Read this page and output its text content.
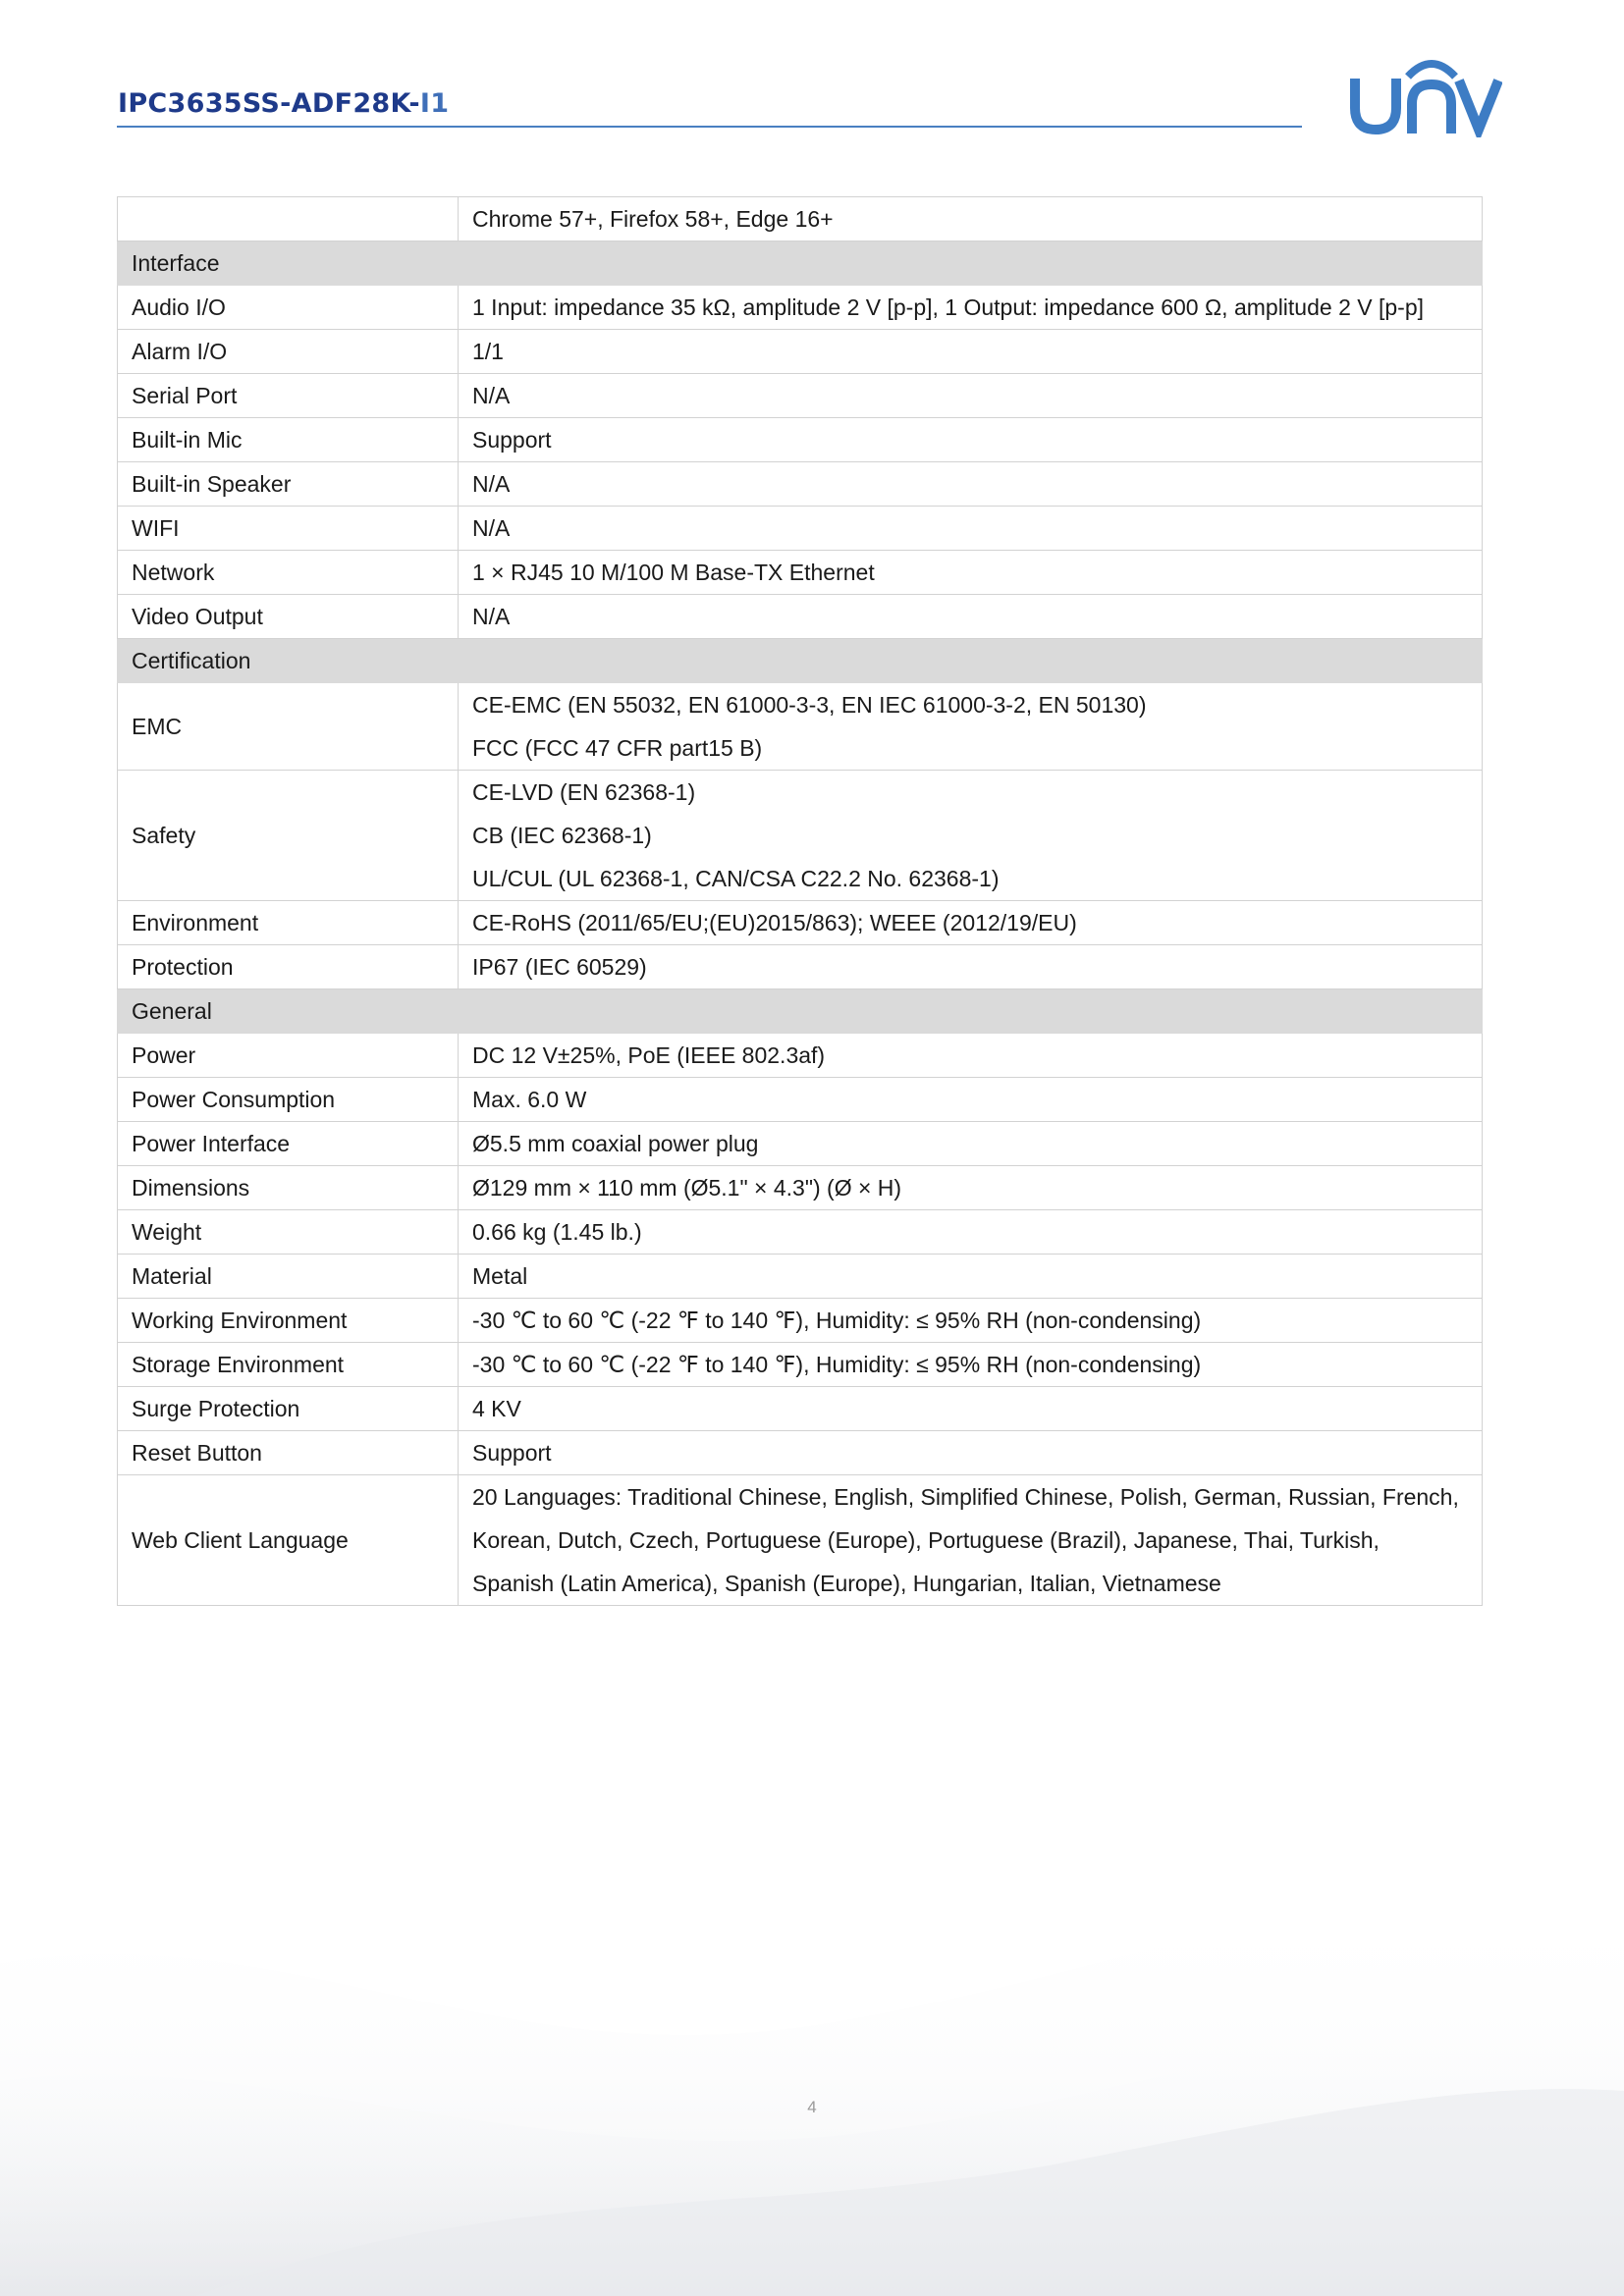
IPC3635SS-ADF28K-I1
	Chrome 57+, Firefox 58+, Edge 16+
Interface	
Audio I/O	1 Input: impedance 35 kΩ, amplitude 2 V [p-p], 1 Output: impedance 600 Ω, amplitude 2 V [p-p]

Alarm I/O	1/1

Serial Port	N/A

Built-in Mic	Support

Built-in Speaker	N/A

WIFI	N/A

Network	1 × RJ45 10 M/100 M Base-TX Ethernet

Video Output	N/A

Certification	
EMC	CE-EMC (EN 55032, EN 61000-3-3, EN IEC 61000-3-2, EN 50130)
FCC (FCC 47 CFR part15 B)

Safety	CE-LVD (EN 62368-1)
CB (IEC 62368-1)
UL/CUL (UL 62368-1, CAN/CSA C22.2 No. 62368-1)

Environment	CE-RoHS (2011/65/EU;(EU)2015/863); WEEE (2012/19/EU)

Protection	IP67 (IEC 60529)

General	
Power	DC 12 V±25%, PoE (IEEE 802.3af)

Power Consumption	Max. 6.0 W

Power Interface	Ø5.5 mm coaxial power plug

Dimensions	Ø129 mm × 110 mm (Ø5.1" × 4.3") (Ø × H)

Weight	0.66 kg (1.45 lb.)

Material	Metal

Working Environment	-30 ℃ to 60 ℃ (-22 ℉ to 140 ℉), Humidity: ≤ 95% RH (non-condensing)

Storage Environment	-30 ℃ to 60 ℃ (-22 ℉ to 140 ℉), Humidity: ≤ 95% RH (non-condensing)

Surge Protection	4 KV

Reset Button	Support

Web Client Language	20 Languages: Traditional Chinese, English, Simplified Chinese, Polish, German, Russian, French,
Korean, Dutch, Czech, Portuguese (Europe), Portuguese (Brazil), Japanese, Thai, Turkish,
Spanish (Latin America), Spanish (Europe), Hungarian, Italian, Vietnamese
4
